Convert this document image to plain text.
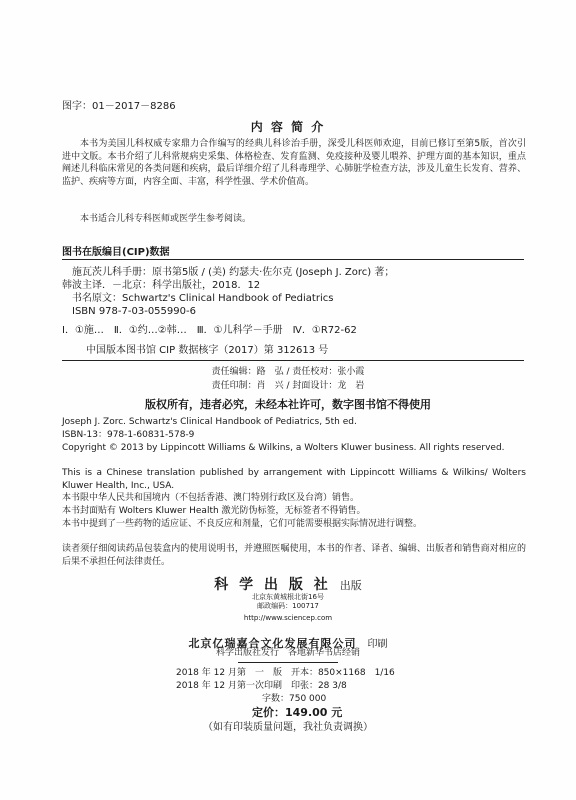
图字：01－2017－8286
内 容 简 介
本书为美国儿科权威专家鼎力合作编写的经典儿科诊治手册，深受儿科医师欢迎，目前已修订至第5版，首次引进中文版。本书介绍了儿科常规病史采集、体格检查、发育监测、免疫接种及婴儿喂养、护理方面的基本知识，重点阐述儿科临床常见的各类问题和疾病，最后详细介绍了儿科毒理学、心肺脏学检查方法，涉及儿童生长发育、营养、监护、疾病等方面，内容全面、丰富，科学性强、学术价值高。
本书适合儿科专科医师或医学生参考阅读。
图书在版编目(CIP)数据
施瓦茨儿科手册：原书第5版 / (美) 约瑟夫·佐尔克 (Joseph J. Zorc) 著；
韩波主译．－北京：科学出版社，2018．12
书名原文：Schwartz's Clinical Handbook of Pediatrics
ISBN 978-7-03-055990-6
Ⅰ．①施…　Ⅱ．①约…②韩…　Ⅲ．①儿科学－手册　Ⅳ．①R72-62
中国版本图书馆 CIP 数据核字（2017）第 312613 号
责任编辑：路　弘 / 责任校对：张小霞
责任印制：肖　兴 / 封面设计：龙　岩
版权所有，违者必究，未经本社许可，数字图书馆不得使用
Joseph J. Zorc. Schwartz's Clinical Handbook of Pediatrics, 5th ed.
ISBN-13：978-1-60831-578-9
Copyright © 2013 by Lippincott Williams & Wilkins, a Wolters Kluwer business. All rights reserved.
This is a Chinese translation published by arrangement with Lippincott Williams & Wilkins/ Wolters Kluwer Health, Inc., USA.
本书限中华人民共和国境内（不包括香港、澳门特别行政区及台湾）销售。
本书封面贴有 Wolters Kluwer Health 激光防伪标签，无标签者不得销售。
本书中提到了一些药物的适应证、不良反应和剂量，它们可能需要根据实际情况进行调整。
读者须仔细阅读药品包装盒内的使用说明书，并遵照医嘱使用，本书的作者、译者、编辑、出版者和销售商对相应的后果不承担任何法律责任。
科 学 出 版 社 出版
北京东黄城根北街16号
邮政编码：100717
http://www.sciencep.com
北京亿瑞嘉合文化发展有限公司 印刷
科学出版社发行　各地新华书店经销
2018 年 12 月第　一　版　开本：850×1168　1/16
2018 年 12 月第一次印刷　印张：28 3/8
字数：750 000
定价：149.00 元
（如有印装质量问题，我社负责调换）
